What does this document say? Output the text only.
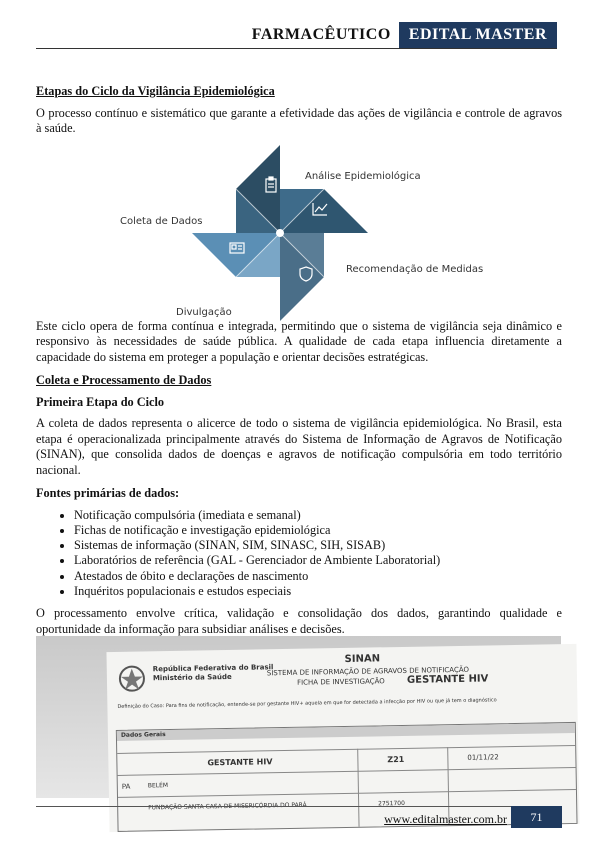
FARMACÊUTICO	EDITAL MASTER
Etapas do Ciclo da Vigilância Epidemiológica

O processo contínuo e sistemático que garante a efetividade das ações de vigilância e controle de agravos à saúde.

Análise Epidemiológica
Coleta de Dados
Recomendação de Medidas
Divulgação

Este ciclo opera de forma contínua e integrada, permitindo que o sistema de vigilância seja dinâmico e responsivo às necessidades de saúde pública. A qualidade de cada etapa influencia diretamente a capacidade do sistema em proteger a população e orientar decisões estratégicas.

Coleta e Processamento de Dados
Primeira Etapa do Ciclo

A coleta de dados representa o alicerce de todo o sistema de vigilância epidemiológica. No Brasil, esta etapa é operacionalizada principalmente através do Sistema de Informação de Agravos de Notificação (SINAN), que consolida dados de doenças e agravos de notificação compulsória em todo território nacional.

Fontes primárias de dados:
• Notificação compulsória (imediata e semanal)
• Fichas de notificação e investigação epidemiológica
• Sistemas de informação (SINAN, SIM, SINASC, SIH, SISAB)
• Laboratórios de referência (GAL - Gerenciador de Ambiente Laboratorial)
• Atestados de óbito e declarações de nascimento
• Inquéritos populacionais e estudos especiais

O processamento envolve crítica, validação e consolidação dos dados, garantindo qualidade e oportunidade da informação para subsidiar análises e decisões.

República Federativa do Brasil
Ministério da Saúde
SINAN
SISTEMA DE INFORMAÇÃO DE AGRAVOS DE NOTIFICAÇÃO
FICHA DE INVESTIGAÇÃO GESTANTE HIV
Definição do Caso: Para fins de notificação, entende-se por gestante HIV+ aquela em que for detectada a infecção por HIV ou que já tem o diagnóstico
Dados Gerais
GESTANTE HIV	Z21	01/11/22
PA	BELÉM
FUNDAÇÃO SANTA CASA DE MISERICÓRDIA DO PARÁ	2751700
www.editalmaster.com.br	71
